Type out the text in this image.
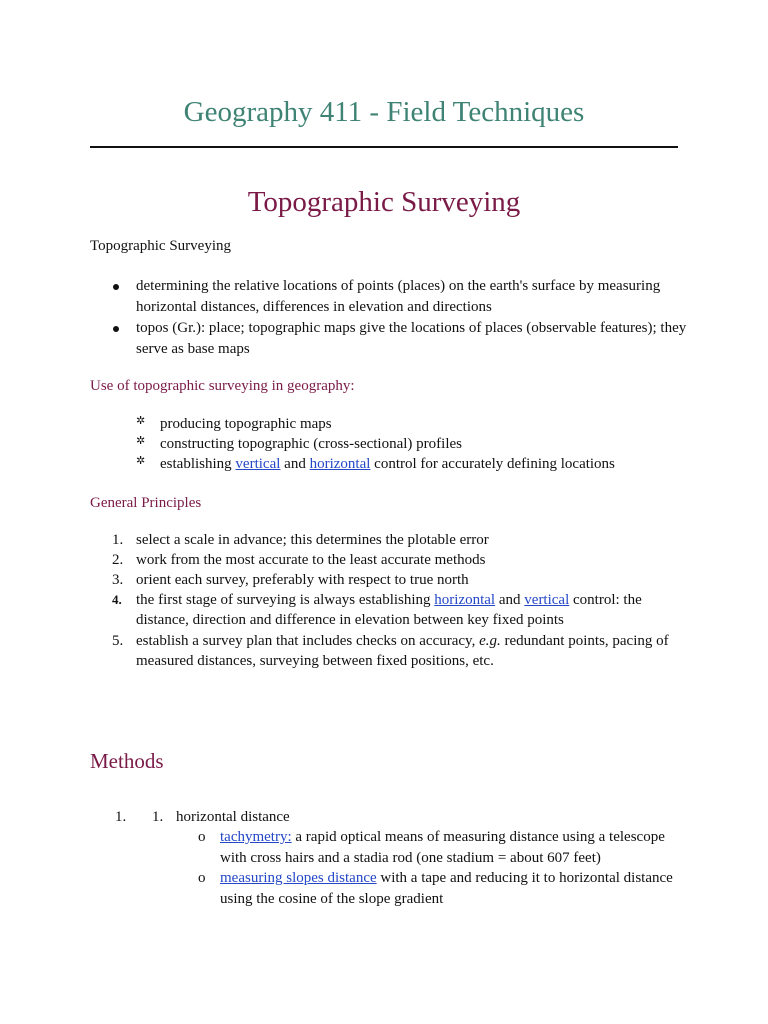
Geography 411 - Field Techniques
Topographic Surveying
Topographic Surveying
determining the relative locations of points (places) on the earth's surface by measuring horizontal distances, differences in elevation and directions
topos (Gr.): place; topographic maps give the locations of places (observable features); they serve as base maps
Use of topographic surveying in geography:
✲ producing topographic maps
✲ constructing topographic (cross-sectional) profiles
✲ establishing vertical and horizontal control for accurately defining locations
General Principles
1. select a scale in advance; this determines the plotable error
2. work from the most accurate to the least accurate methods
3. orient each survey, preferably with respect to true north
4. the first stage of surveying is always establishing horizontal and vertical control: the distance, direction and difference in elevation between key fixed points
5. establish a survey plan that includes checks on accuracy, e.g. redundant points, pacing of measured distances, surveying between fixed positions, etc.
Methods
1. 1. horizontal distance
o tachymetry: a rapid optical means of measuring distance using a telescope with cross hairs and a stadia rod (one stadium = about 607 feet)
o measuring slopes distance with a tape and reducing it to horizontal distance using the cosine of the slope gradient
